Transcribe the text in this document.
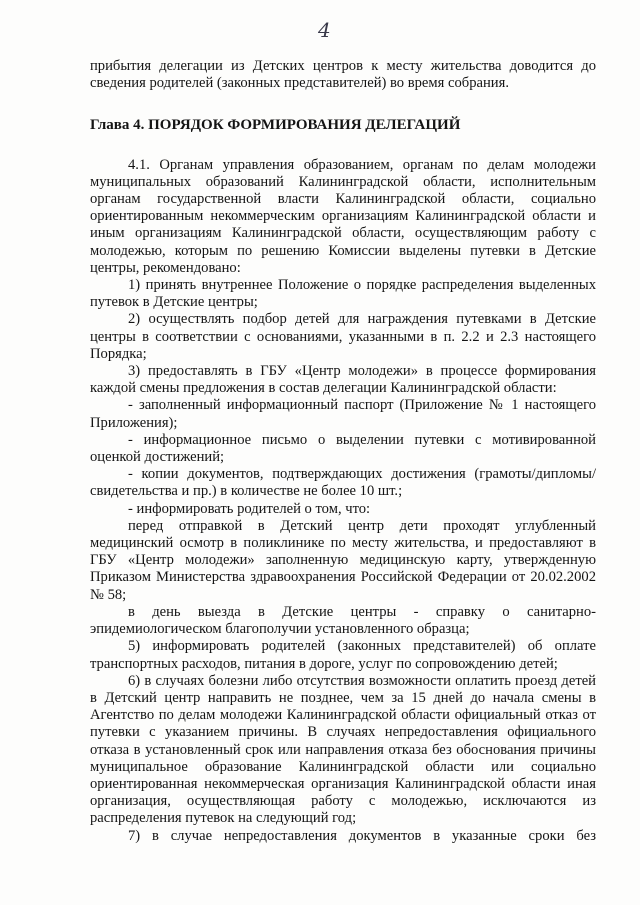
4

прибытия делегации из Детских центров к месту жительства доводится до сведения родителей (законных представителей) во время собрания.

Глава 4. ПОРЯДОК ФОРМИРОВАНИЯ ДЕЛЕГАЦИЙ

4.1. Органам управления образованием, органам по делам молодежи муниципальных образований Калининградской области, исполнительным органам государственной власти Калининградской области, социально ориентированным некоммерческим организациям Калининградской области и иным организациям Калининградской области, осуществляющим работу с молодежью, которым по решению Комиссии выделены путевки в Детские центры, рекомендовано:

1) принять внутреннее Положение о порядке распределения выделенных путевок в Детские центры;

2) осуществлять подбор детей для награждения путевками в Детские центры в соответствии с основаниями, указанными в п. 2.2 и 2.3 настоящего Порядка;

3) предоставлять в ГБУ «Центр молодежи» в процессе формирования каждой смены предложения в состав делегации Калининградской области:

- заполненный информационный паспорт (Приложение № 1 настоящего Приложения);

- информационное письмо о выделении путевки с мотивированной оценкой достижений;

- копии документов, подтверждающих достижения (грамоты/дипломы/свидетельства и пр.) в количестве не более 10 шт.;

- информировать родителей о том, что:

перед отправкой в Детский центр дети проходят углубленный медицинский осмотр в поликлинике по месту жительства, и предоставляют в ГБУ «Центр молодежи» заполненную медицинскую карту, утвержденную Приказом Министерства здравоохранения Российской Федерации от 20.02.2002 № 58;

в день выезда в Детские центры - справку о санитарно-эпидемиологическом благополучии установленного образца;

5) информировать родителей (законных представителей) об оплате транспортных расходов, питания в дороге, услуг по сопровождению детей;

6) в случаях болезни либо отсутствия возможности оплатить проезд детей в Детский центр направить не позднее, чем за 15 дней до начала смены в Агентство по делам молодежи Калининградской области официальный отказ от путевки с указанием причины. В случаях непредоставления официального отказа в установленный срок или направления отказа без обоснования причины муниципальное образование Калининградской области или социально ориентированная некоммерческая организация Калининградской области иная организация, осуществляющая работу с молодежью, исключаются из распределения путевок на следующий год;

7) в случае непредоставления документов в указанные сроки без
